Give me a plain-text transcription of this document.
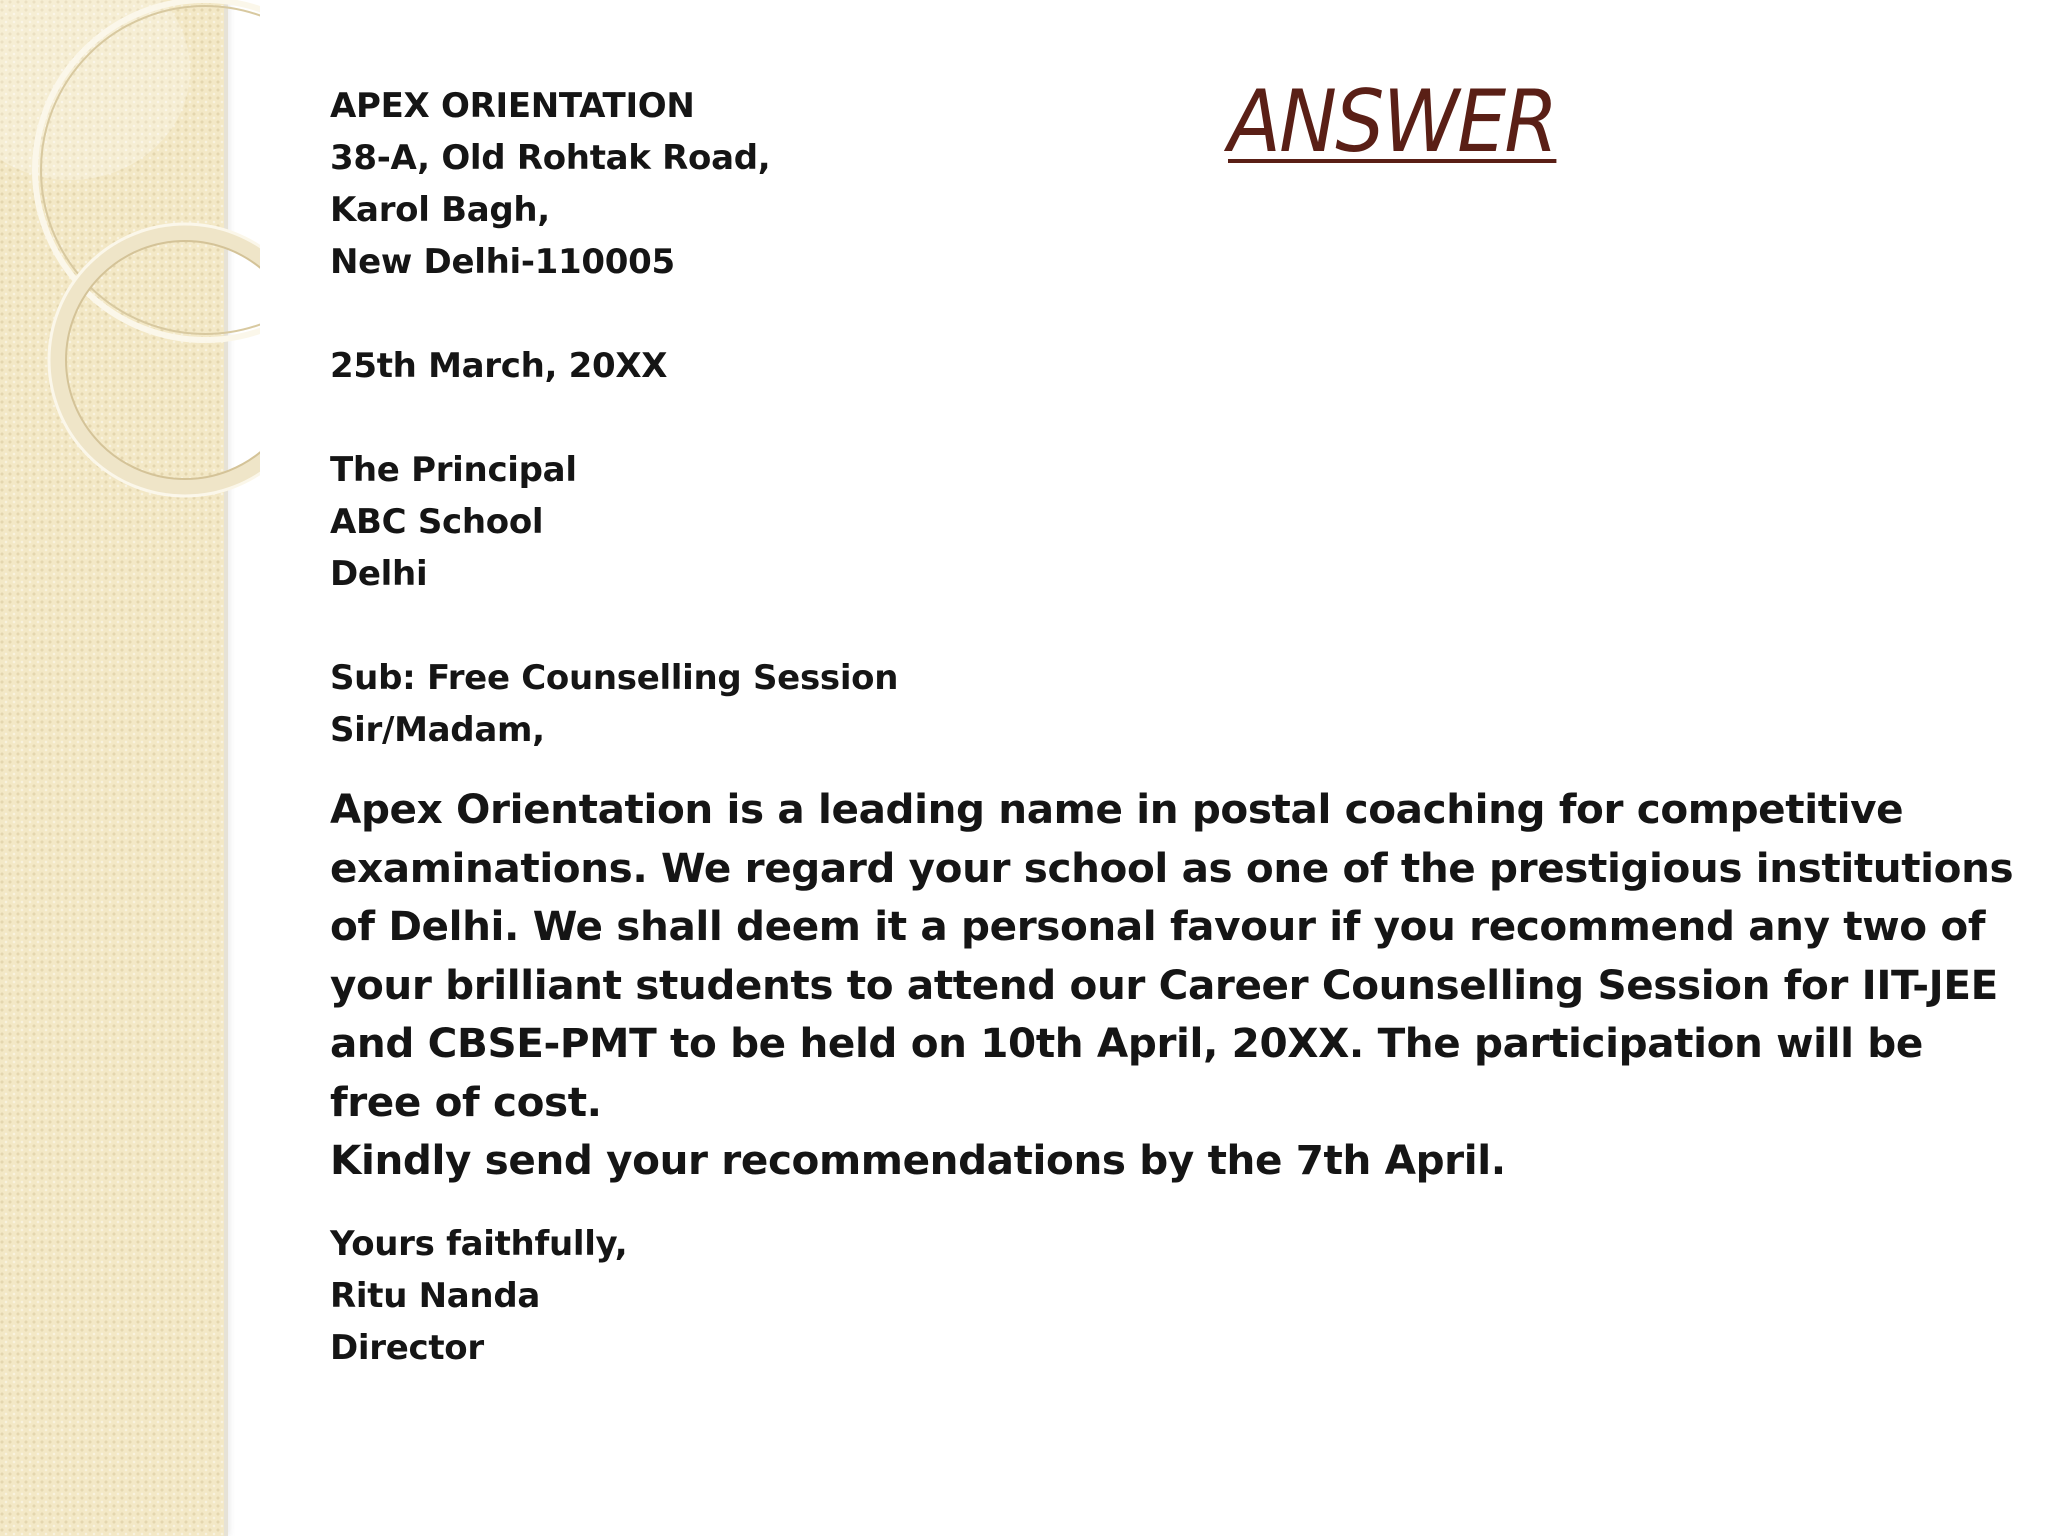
ANSWER
APEX ORIENTATION
38-A, Old Rohtak Road,
Karol Bagh,
New Delhi-110005
25th March, 20XX
The Principal
ABC School
Delhi
Sub: Free Counselling Session
Sir/Madam,
Apex Orientation is a leading name in postal coaching for competitive
examinations. We regard your school as one of the prestigious institutions
of Delhi. We shall deem it a personal favour if you recommend any two of
your brilliant students to attend our Career Counselling Session for IIT-JEE
and CBSE-PMT to be held on 10th April, 20XX. The participation will be
free of cost.
Kindly send your recommendations by the 7th April.
Yours faithfully,
Ritu Nanda
Director
